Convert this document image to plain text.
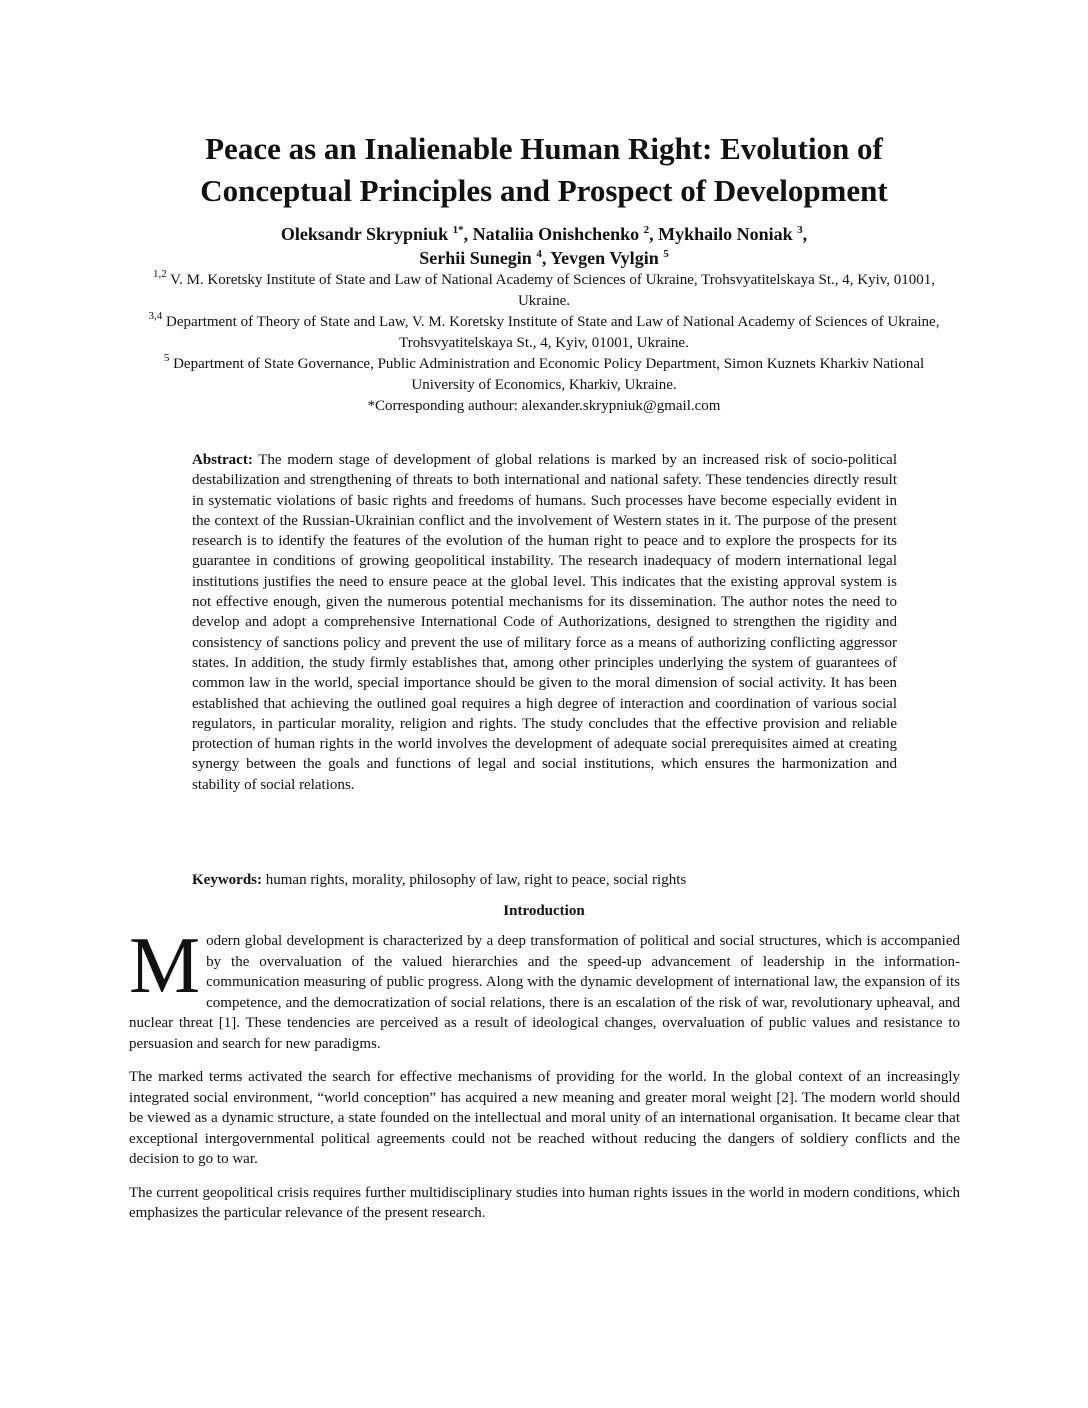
Peace as an Inalienable Human Right: Evolution of Conceptual Principles and Prospect of Development
Oleksandr Skrypniuk $^{1*}$, Nataliia Onishchenko $^2$, Mykhailo Noniak $^3$,
Serhii Sunegin $^4$, Yevgen Vylgin $^5$

$^{1,2}$ V. M. Koretsky Institute of State and Law of National Academy of Sciences of Ukraine, Trohsvyatitelskaya St., 4, Kyiv, 01001, Ukraine.

$^{3,4}$ Department of Theory of State and Law, V. M. Koretsky Institute of State and Law of National Academy of Sciences of Ukraine, Trohsvyatitelskaya St., 4, Kyiv, 01001, Ukraine.

$^5$ Department of State Governance, Public Administration and Economic Policy Department, Simon Kuznets Kharkiv National University of Economics, Kharkiv, Ukraine.

*Corresponding authour: alexander.skrypniuk@gmail.com

Abstract: The modern stage of development of global relations is marked by an increased risk of socio-political destabilization and strengthening of threats to both international and national safety. These tendencies directly result in systematic violations of basic rights and freedoms of humans. Such processes have become especially evident in the context of the Russian-Ukrainian conflict and the involvement of Western states in it. The purpose of the present research is to identify the features of the evolution of the human right to peace and to explore the prospects for its guarantee in conditions of growing geopolitical instability. The research inadequacy of modern international legal institutions justifies the need to ensure peace at the global level. This indicates that the existing approval system is not effective enough, given the numerous potential mechanisms for its dissemination. The author notes the need to develop and adopt a comprehensive International Code of Authorizations, designed to strengthen the rigidity and consistency of sanctions policy and prevent the use of military force as a means of authorizing conflicting aggressor states. In addition, the study firmly establishes that, among other principles underlying the system of guarantees of common law in the world, special importance should be given to the moral dimension of social activity. It has been established that achieving the outlined goal requires a high degree of interaction and coordination of various social regulators, in particular morality, religion and rights. The study concludes that the effective provision and reliable protection of human rights in the world involves the development of adequate social prerequisites aimed at creating synergy between the goals and functions of legal and social institutions, which ensures the harmonization and stability of social relations.
Keywords: human rights, morality, philosophy of law, right to peace, social rights
Introduction

Modern global development is characterized by a deep transformation of political and social structures, which is accompanied by the overvaluation of the valued hierarchies and the speed-up advancement of leadership in the information-communication measuring of public progress. Along with the dynamic development of international law, the expansion of its competence, and the democratization of social relations, there is an escalation of the risk of war, revolutionary upheaval, and nuclear threat [1]. These tendencies are perceived as a result of ideological changes, overvaluation of public values and resistance to persuasion and search for new paradigms.

The marked terms activated the search for effective mechanisms of providing for the world. In the global context of an increasingly integrated social environment, “world conception” has acquired a new meaning and greater moral weight [2]. The modern world should be viewed as a dynamic structure, a state founded on the intellectual and moral unity of an international organisation. It became clear that exceptional intergovernmental political agreements could not be reached without reducing the dangers of soldiery conflicts and the decision to go to war.

The current geopolitical crisis requires further multidisciplinary studies into human rights issues in the world in modern conditions, which emphasizes the particular relevance of the present research.
